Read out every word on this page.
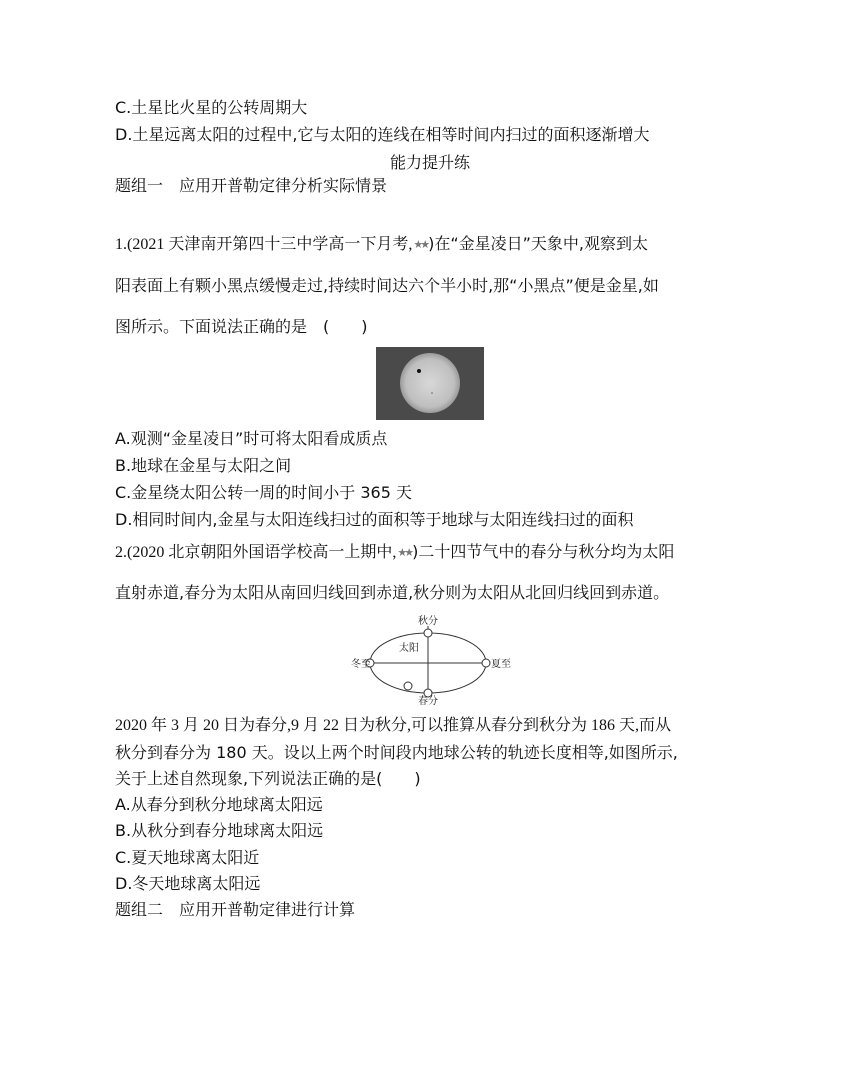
C.土星比火星的公转周期大
D.土星远离太阳的过程中,它与太阳的连线在相等时间内扫过的面积逐渐增大
能力提升练
题组一　应用开普勒定律分析实际情景
1.(2021 天津南开第四十三中学高一下月考,★★)在“金星凌日”天象中,观察到太
阳表面上有颗小黑点缓慢走过,持续时间达六个半小时,那“小黑点”便是金星,如
图所示。下面说法正确的是　(　　)
A.观测“金星凌日”时可将太阳看成质点
B.地球在金星与太阳之间
C.金星绕太阳公转一周的时间小于 365 天
D.相同时间内,金星与太阳连线扫过的面积等于地球与太阳连线扫过的面积
2.(2020 北京朝阳外国语学校高一上期中,★★)二十四节气中的春分与秋分均为太阳
直射赤道,春分为太阳从南回归线回到赤道,秋分则为太阳从北回归线回到赤道。
秋分
春分
冬至	夏至
太阳
2020 年 3 月 20 日为春分,9 月 22 日为秋分,可以推算从春分到秋分为 186 天,而从
秋分到春分为 180 天。设以上两个时间段内地球公转的轨迹长度相等,如图所示,
关于上述自然现象,下列说法正确的是(　　)
A.从春分到秋分地球离太阳远
B.从秋分到春分地球离太阳远
C.夏天地球离太阳近
D.冬天地球离太阳远
题组二　应用开普勒定律进行计算
